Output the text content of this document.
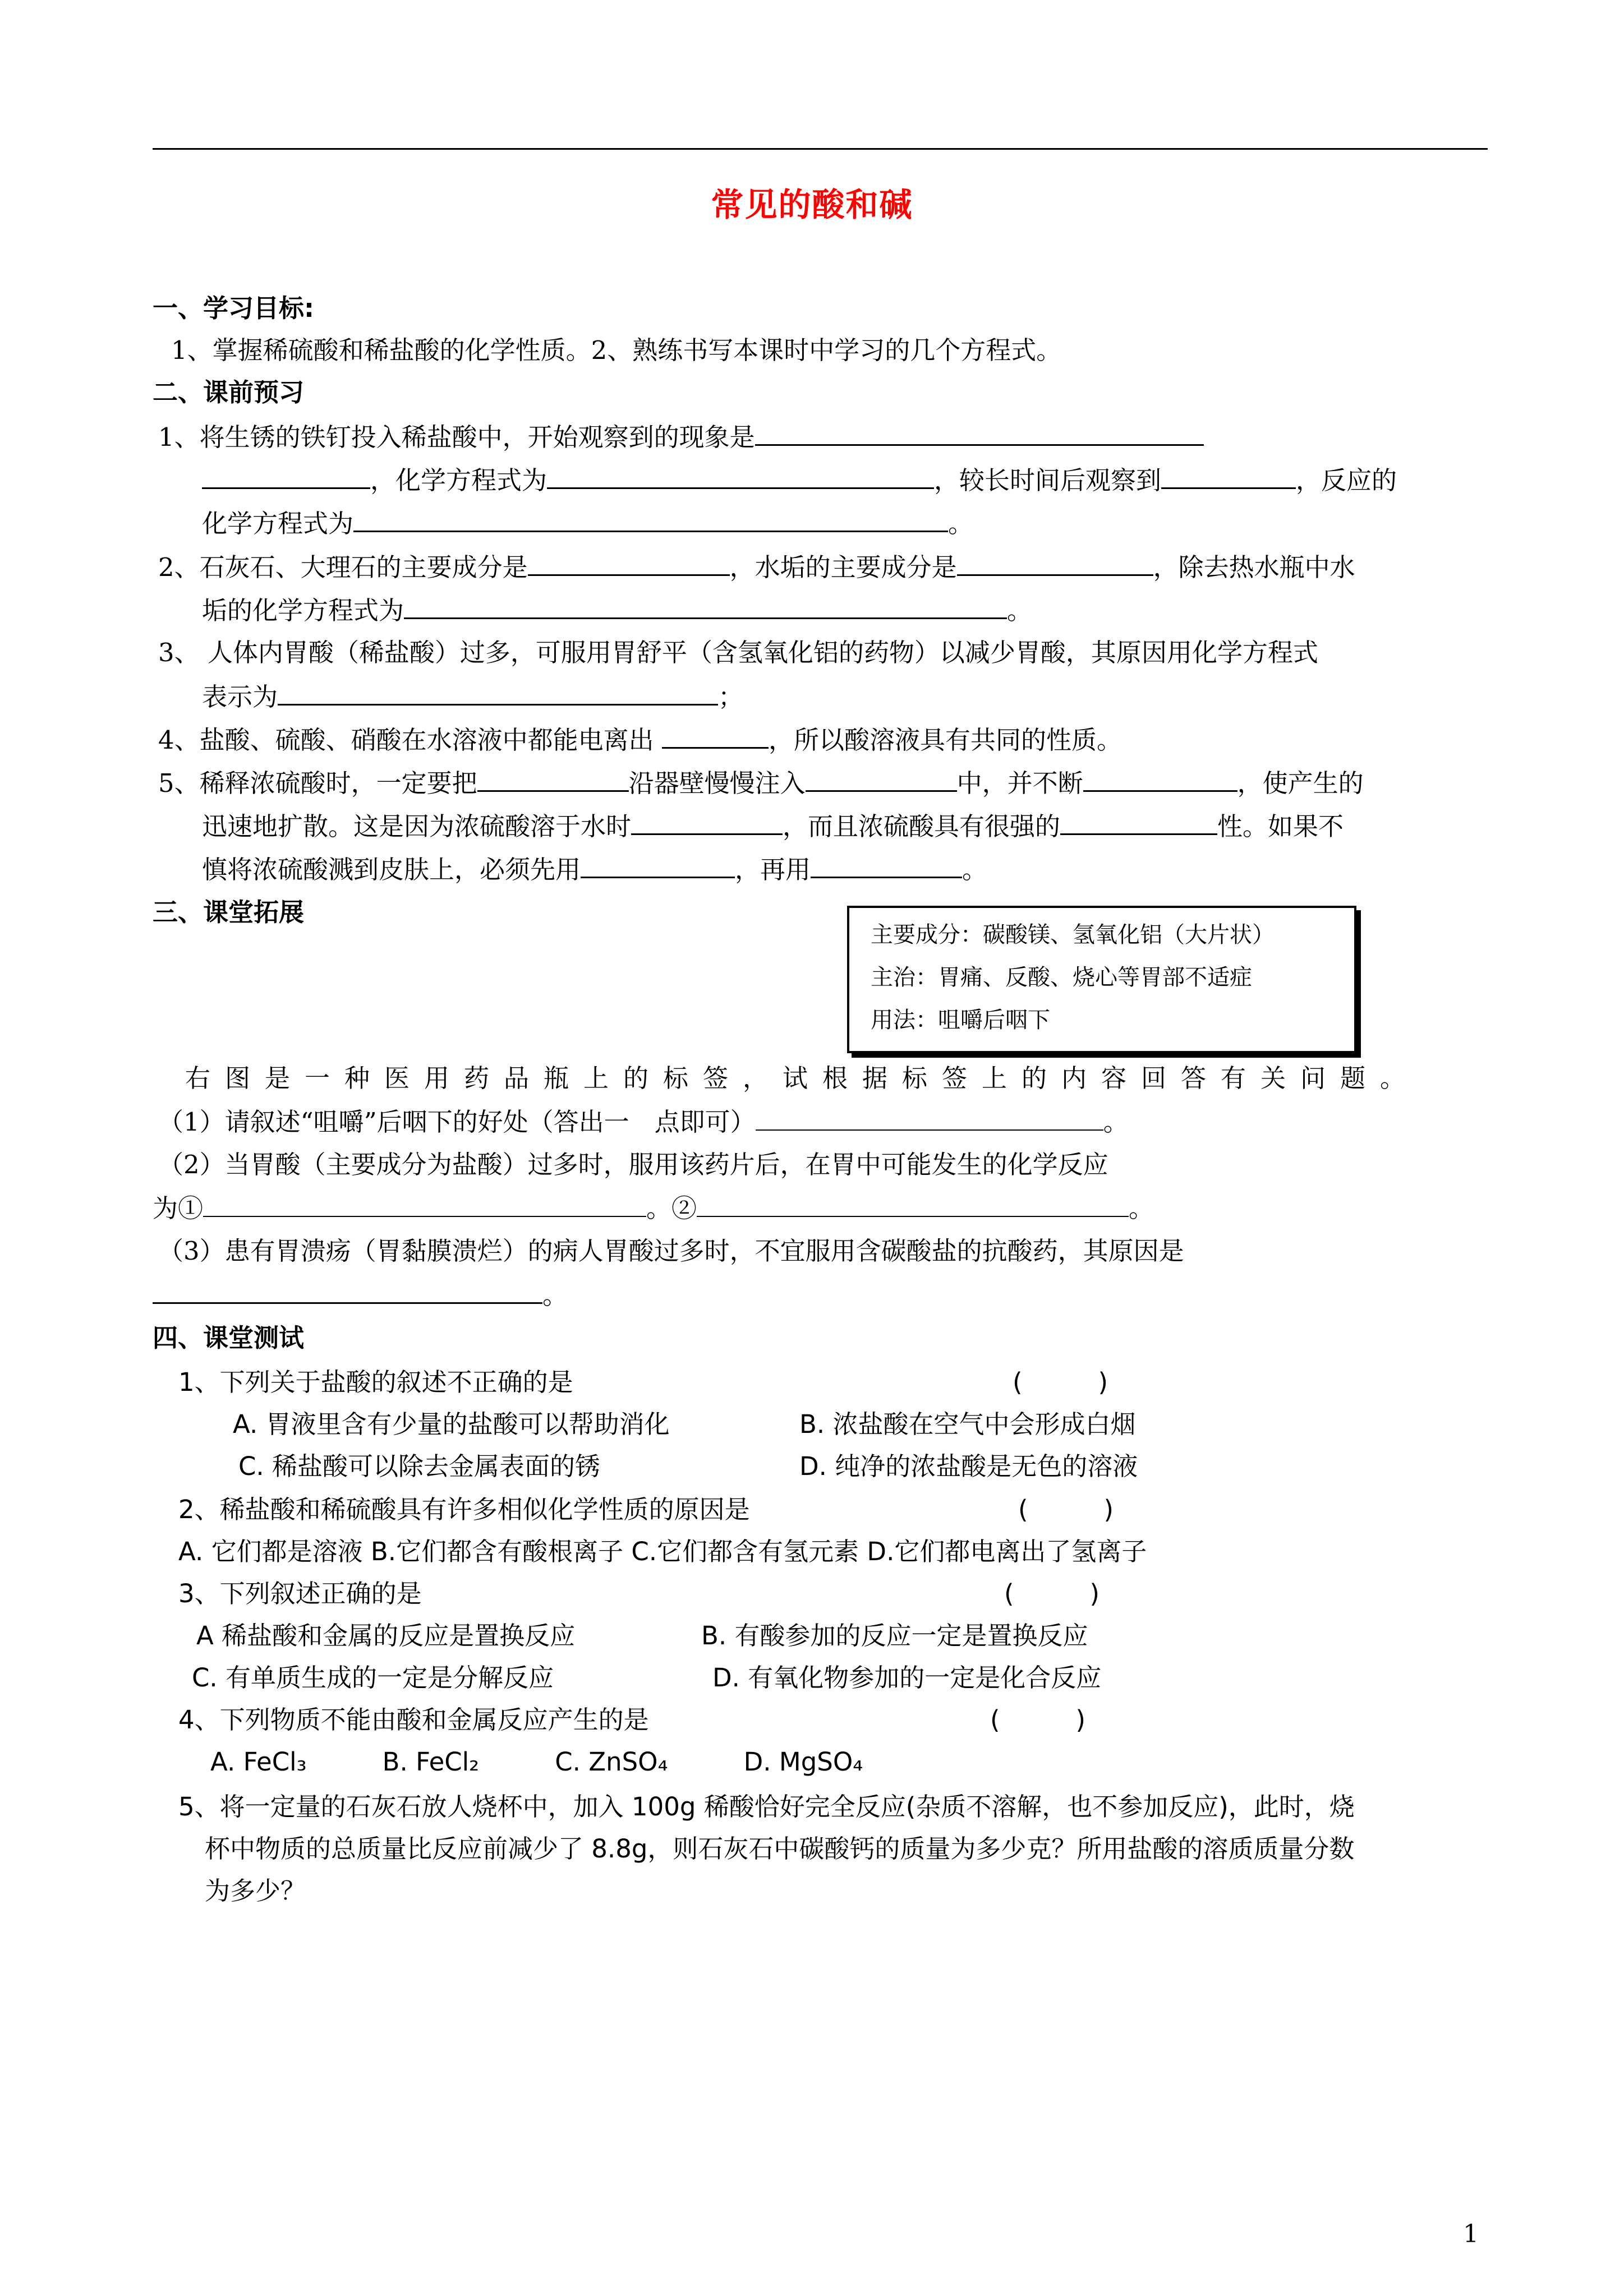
常见的酸和碱
一、学习目标:
1、掌握稀硫酸和稀盐酸的化学性质。2、熟练书写本课时中学习的几个方程式。
二、课前预习
1、将生锈的铁钉投入稀盐酸中，开始观察到的现象是
，化学方程式为	，较长时间后观察到	，反应的
化学方程式为	。
2、石灰石、大理石的主要成分是	，水垢的主要成分是	，除去热水瓶中水
垢的化学方程式为	。
3、 人体内胃酸（稀盐酸）过多，可服用胃舒平（含氢氧化铝的药物）以减少胃酸，其原因用化学方程式
表示为	；
4、盐酸、硫酸、硝酸在水溶液中都能电离出	，所以酸溶液具有共同的性质。
5、稀释浓硫酸时，一定要把	沿器壁慢慢注入	中，并不断	，使产生的
迅速地扩散。这是因为浓硫酸溶于水时	，而且浓硫酸具有很强的	性。如果不
慎将浓硫酸溅到皮肤上，必须先用	，再用	。
三、课堂拓展
主要成分：碳酸镁、氢氧化铝（大片状）
主治：胃痛、反酸、烧心等胃部不适症
用法：咀嚼后咽下
右图是一种医用药品瓶上的标签，试根据标签上的内容回答有关问题。
（1）请叙述“咀嚼”后咽下的好处（答出一　点即可）	。
（2）当胃酸（主要成分为盐酸）过多时，服用该药片后，在胃中可能发生的化学反应
为①	。②	。
（3）患有胃溃疡（胃黏膜溃烂）的病人胃酸过多时，不宜服用含碳酸盐的抗酸药，其原因是
。
四、课堂测试
1、下列关于盐酸的叙述不正确的是	(　　　)
A. 胃液里含有少量的盐酸可以帮助消化	B. 浓盐酸在空气中会形成白烟
C. 稀盐酸可以除去金属表面的锈	D. 纯净的浓盐酸是无色的溶液
2、稀盐酸和稀硫酸具有许多相似化学性质的原因是	(　　　)
A. 它们都是溶液 B.它们都含有酸根离子 C.它们都含有氢元素 D.它们都电离出了氢离子
3、下列叙述正确的是	(　　　)
A 稀盐酸和金属的反应是置换反应	B. 有酸参加的反应一定是置换反应
C. 有单质生成的一定是分解反应	D. 有氧化物参加的一定是化合反应
4、下列物质不能由酸和金属反应产生的是	(　　　)
A. FeCl₃　　　B. FeCl₂　　　C. ZnSO₄　　　D. MgSO₄
5、将一定量的石灰石放人烧杯中，加入 100g 稀酸恰好完全反应(杂质不溶解，也不参加反应)，此时，烧
杯中物质的总质量比反应前减少了 8.8g，则石灰石中碳酸钙的质量为多少克？所用盐酸的溶质质量分数
为多少？
1
